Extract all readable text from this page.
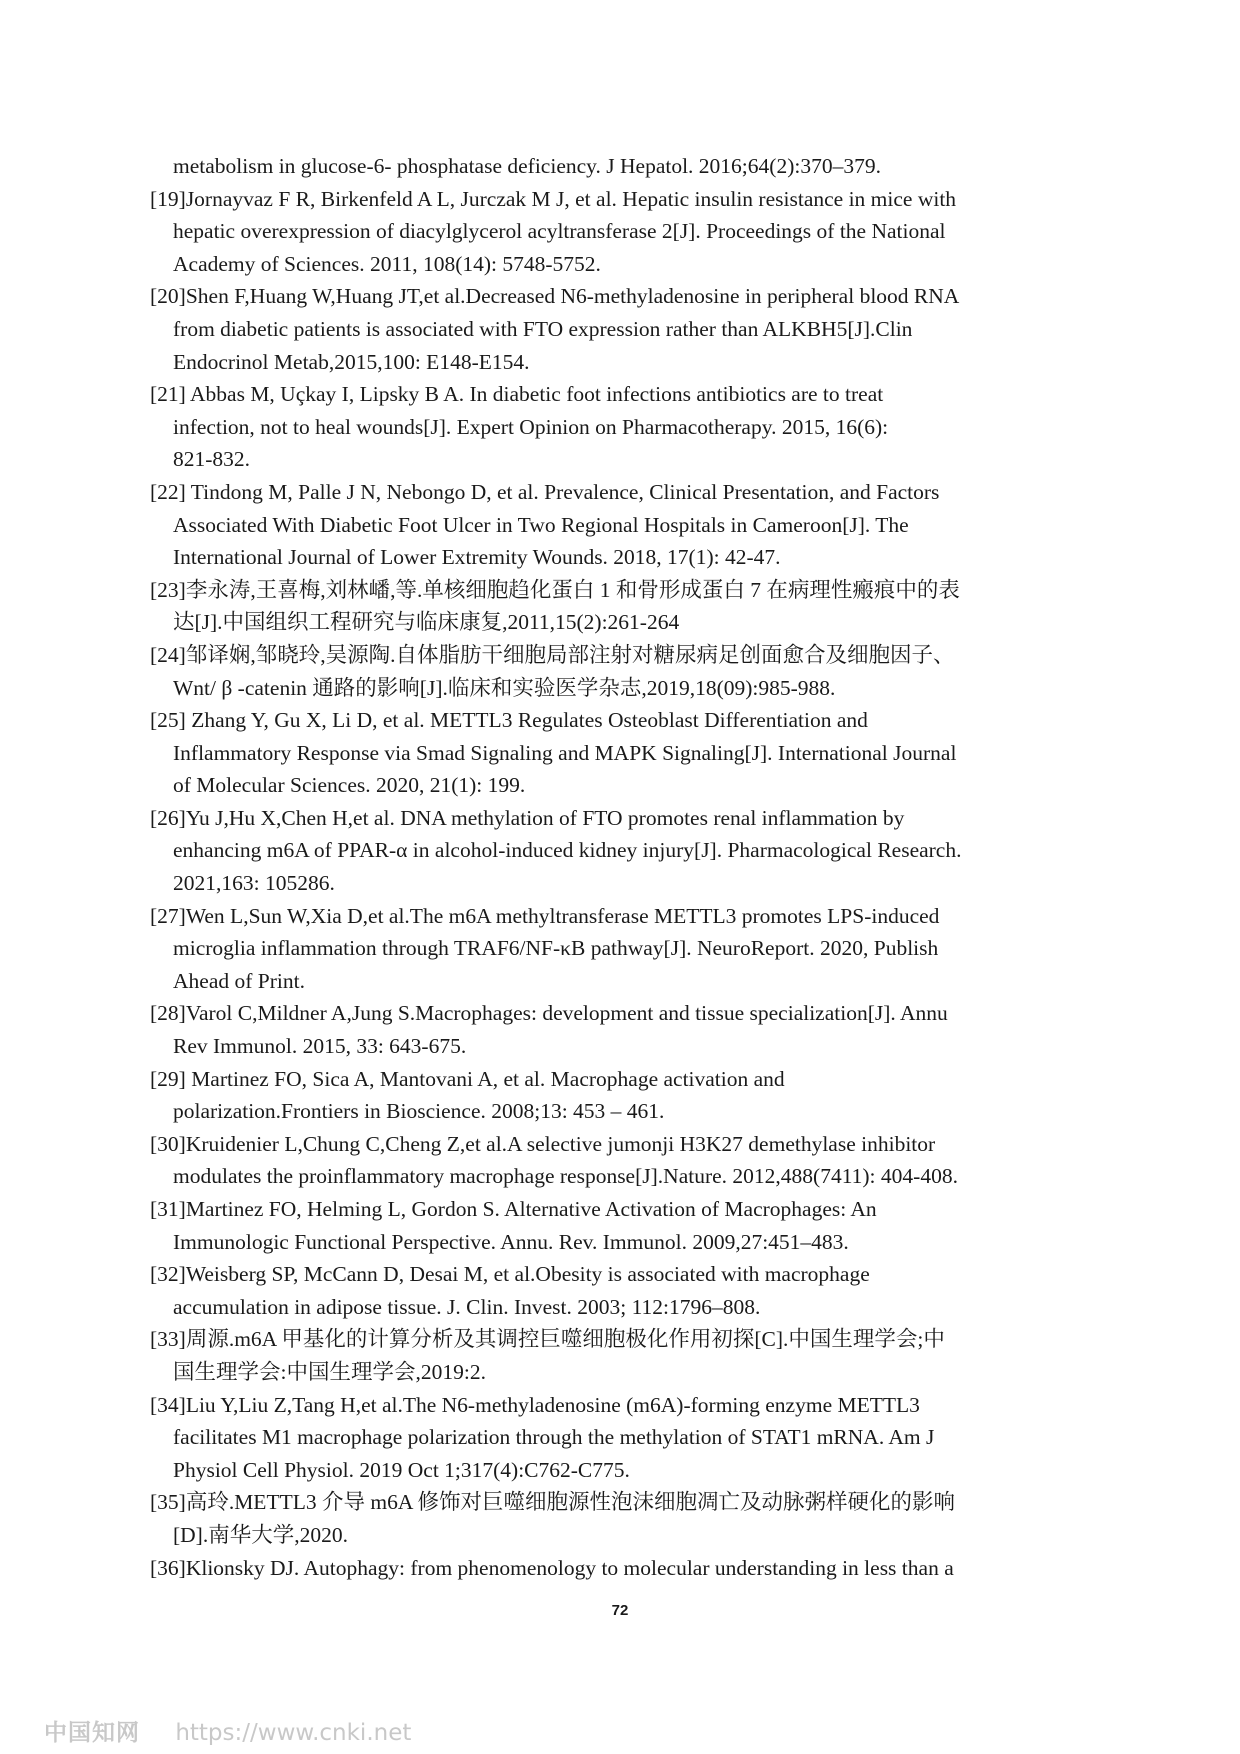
metabolism in glucose-6- phosphatase deficiency. J Hepatol. 2016;64(2):370–379.
[19]Jornayvaz F R, Birkenfeld A L, Jurczak M J, et al. Hepatic insulin resistance in mice with
hepatic overexpression of diacylglycerol acyltransferase 2[J]. Proceedings of the National
Academy of Sciences. 2011, 108(14): 5748-5752.
[20]Shen F,Huang W,Huang JT,et al.Decreased N6-methyladenosine in peripheral blood RNA
from diabetic patients is associated with FTO expression rather than ALKBH5[J].Clin
Endocrinol Metab,2015,100: E148-E154.
[21] Abbas M, Uçkay I, Lipsky B A. In diabetic foot infections antibiotics are to treat
infection, not to heal wounds[J]. Expert Opinion on Pharmacotherapy. 2015, 16(6):
821-832.
[22] Tindong M, Palle J N, Nebongo D, et al. Prevalence, Clinical Presentation, and Factors
Associated With Diabetic Foot Ulcer in Two Regional Hospitals in Cameroon[J]. The
International Journal of Lower Extremity Wounds. 2018, 17(1): 42-47.
[23]李永涛,王喜梅,刘林嶓,等.单核细胞趋化蛋白 1 和骨形成蛋白 7 在病理性瘢痕中的表
达[J].中国组织工程研究与临床康复,2011,15(2):261-264
[24]邹译娴,邹晓玲,吴源陶.自体脂肪干细胞局部注射对糖尿病足创面愈合及细胞因子、
Wnt/ β -catenin 通路的影响[J].临床和实验医学杂志,2019,18(09):985-988.
[25] Zhang Y, Gu X, Li D, et al. METTL3 Regulates Osteoblast Differentiation and
Inflammatory Response via Smad Signaling and MAPK Signaling[J]. International Journal
of Molecular Sciences. 2020, 21(1): 199.
[26]Yu J,Hu X,Chen H,et al. DNA methylation of FTO promotes renal inflammation by
enhancing m6A of PPAR-α in alcohol-induced kidney injury[J]. Pharmacological Research.
2021,163: 105286.
[27]Wen L,Sun W,Xia D,et al.The m6A methyltransferase METTL3 promotes LPS-induced
microglia inflammation through TRAF6/NF-κB pathway[J]. NeuroReport. 2020, Publish
Ahead of Print.
[28]Varol C,Mildner A,Jung S.Macrophages: development and tissue specialization[J]. Annu
Rev Immunol. 2015, 33: 643-675.
[29] Martinez FO, Sica A, Mantovani A, et al. Macrophage activation and
polarization.Frontiers in Bioscience. 2008;13: 453 – 461.
[30]Kruidenier L,Chung C,Cheng Z,et al.A selective jumonji H3K27 demethylase inhibitor
modulates the proinflammatory macrophage response[J].Nature. 2012,488(7411): 404-408.
[31]Martinez FO, Helming L, Gordon S. Alternative Activation of Macrophages: An
Immunologic Functional Perspective. Annu. Rev. Immunol. 2009,27:451–483.
[32]Weisberg SP, McCann D, Desai M, et al.Obesity is associated with macrophage
accumulation in adipose tissue. J. Clin. Invest. 2003; 112:1796–808.
[33]周源.m6A 甲基化的计算分析及其调控巨噬细胞极化作用初探[C].中国生理学会;中
国生理学会:中国生理学会,2019:2.
[34]Liu Y,Liu Z,Tang H,et al.The N6-methyladenosine (m6A)-forming enzyme METTL3
facilitates M1 macrophage polarization through the methylation of STAT1 mRNA. Am J
Physiol Cell Physiol. 2019 Oct 1;317(4):C762-C775.
[35]高玲.METTL3 介导 m6A 修饰对巨噬细胞源性泡沫细胞凋亡及动脉粥样硬化的影响
[D].南华大学,2020.
[36]Klionsky DJ. Autophagy: from phenomenology to molecular understanding in less than a
72
中国知网 https://www.cnki.net
